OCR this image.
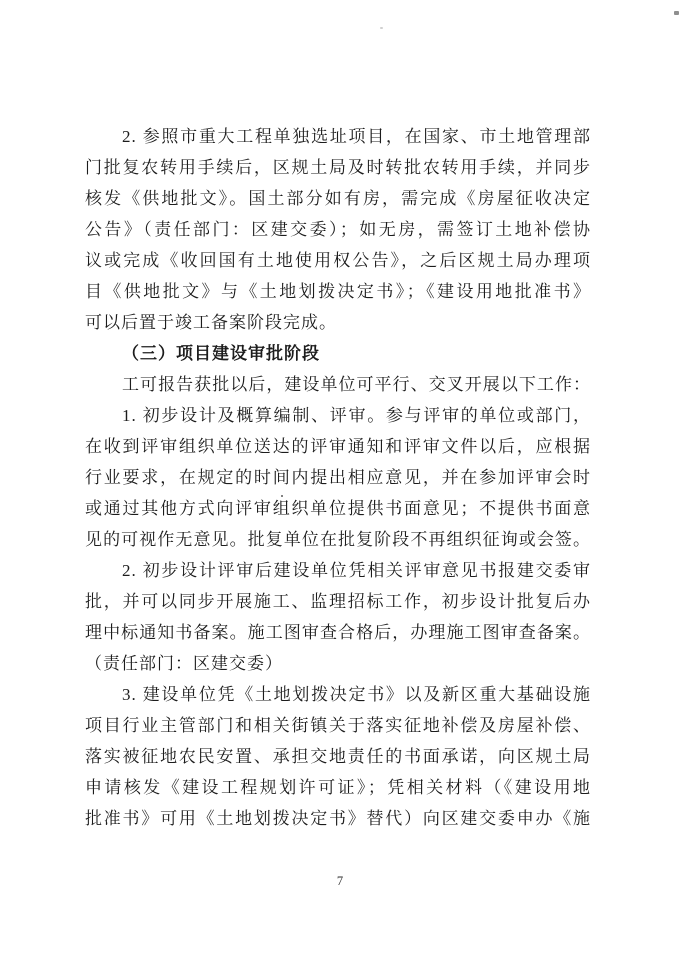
2. 参照市重大工程单独选址项目，在国家、市土地管理部
门批复农转用手续后，区规土局及时转批农转用手续，并同步
核发《供地批文》。国土部分如有房，需完成《房屋征收决定
公告》（责任部门：区建交委）；如无房，需签订土地补偿协
议或完成《收回国有土地使用权公告》，之后区规土局办理项
目《供地批文》与《土地划拨决定书》；《建设用地批准书》
可以后置于竣工备案阶段完成。
（三）项目建设审批阶段
工可报告获批以后，建设单位可平行、交叉开展以下工作：
1. 初步设计及概算编制、评审。参与评审的单位或部门，
在收到评审组织单位送达的评审通知和评审文件以后，应根据
行业要求，在规定的时间内提出相应意见，并在参加评审会时
或通过其他方式向评审组织单位提供书面意见；不提供书面意
见的可视作无意见。批复单位在批复阶段不再组织征询或会签。
2. 初步设计评审后建设单位凭相关评审意见书报建交委审
批，并可以同步开展施工、监理招标工作，初步设计批复后办
理中标通知书备案。施工图审查合格后，办理施工图审查备案。
（责任部门：区建交委）
3. 建设单位凭《土地划拨决定书》以及新区重大基础设施
项目行业主管部门和相关街镇关于落实征地补偿及房屋补偿、
落实被征地农民安置、承担交地责任的书面承诺，向区规土局
申请核发《建设工程规划许可证》；凭相关材料（《建设用地
批准书》可用《土地划拨决定书》替代）向区建交委申办《施
7
